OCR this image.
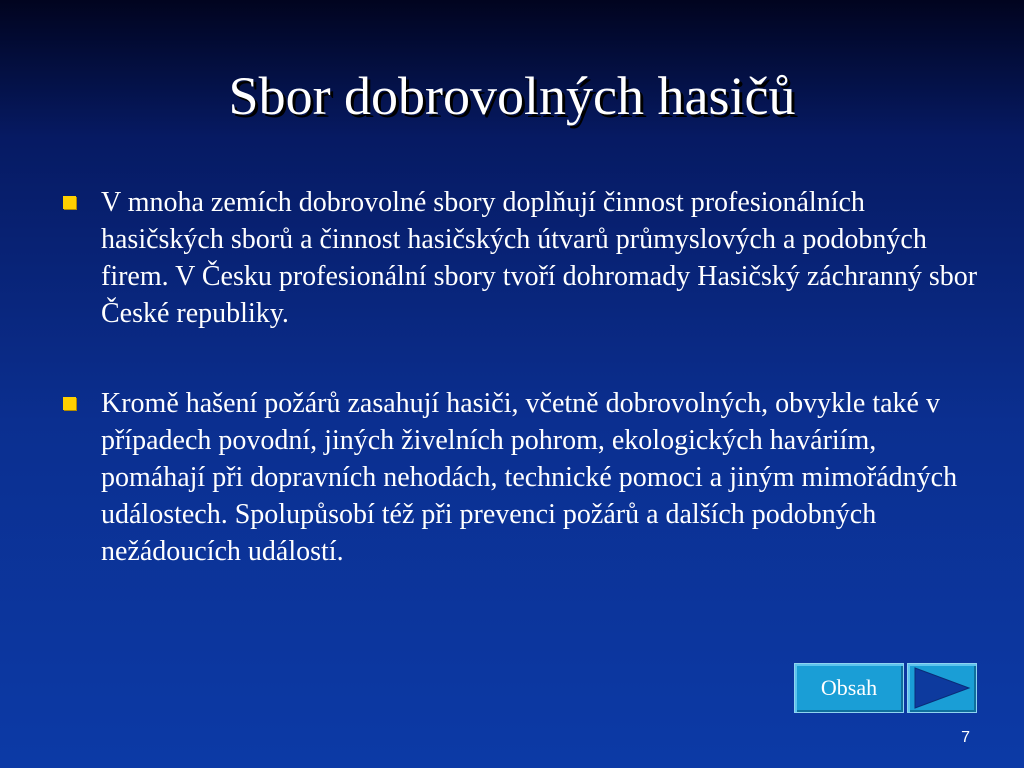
Sbor dobrovolných hasičů
V mnoha zemích dobrovolné sbory doplňují činnost profesionálních hasičských sborů a činnost hasičských útvarů průmyslových a podobných firem. V Česku profesionální sbory tvoří dohromady Hasičský záchranný sbor České republiky.
Kromě hašení požárů zasahují hasiči, včetně dobrovolných, obvykle také v případech povodní, jiných živelních pohrom, ekologických haváriím, pomáhají při dopravních nehodách, technické pomoci a jiným mimořádných událostech. Spolupůsobí též při prevenci požárů a dalších podobných nežádoucích událostí.
Obsah
7
